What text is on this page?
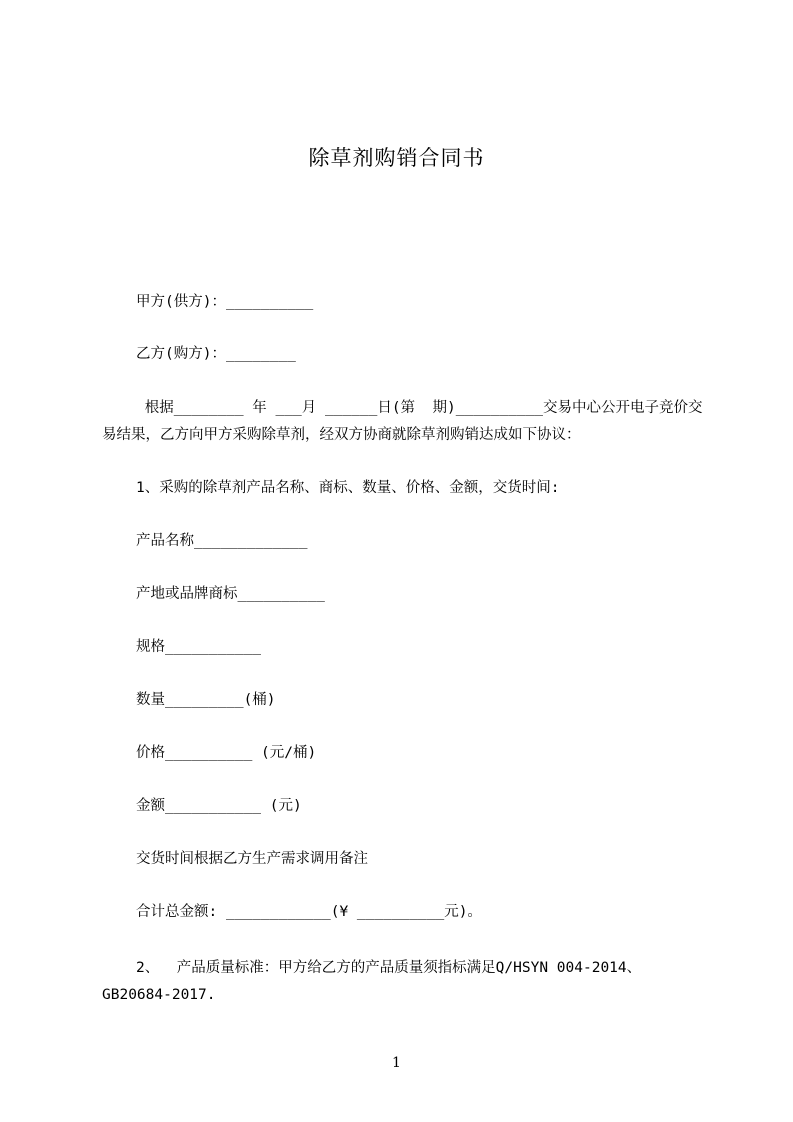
除草剂购销合同书
甲方(供方)：__________
乙方(购方)：________
根据________ 年 ___月 ______日(第  期)__________交易中心公开电子竞价交
易结果，乙方向甲方采购除草剂，经双方协商就除草剂购销达成如下协议：
1、采购的除草剂产品名称、商标、数量、价格、金额，交货时间:
产品名称_____________
产地或品牌商标__________
规格___________
数量_________(桶)
价格__________ (元/桶)
金额___________ (元)
交货时间根据乙方生产需求调用备注
合计总金额: ____________(¥ __________元)。
2、  产品质量标准：甲方给乙方的产品质量须指标满足Q/HSYN 004-2014、
GB20684-2017.
1
